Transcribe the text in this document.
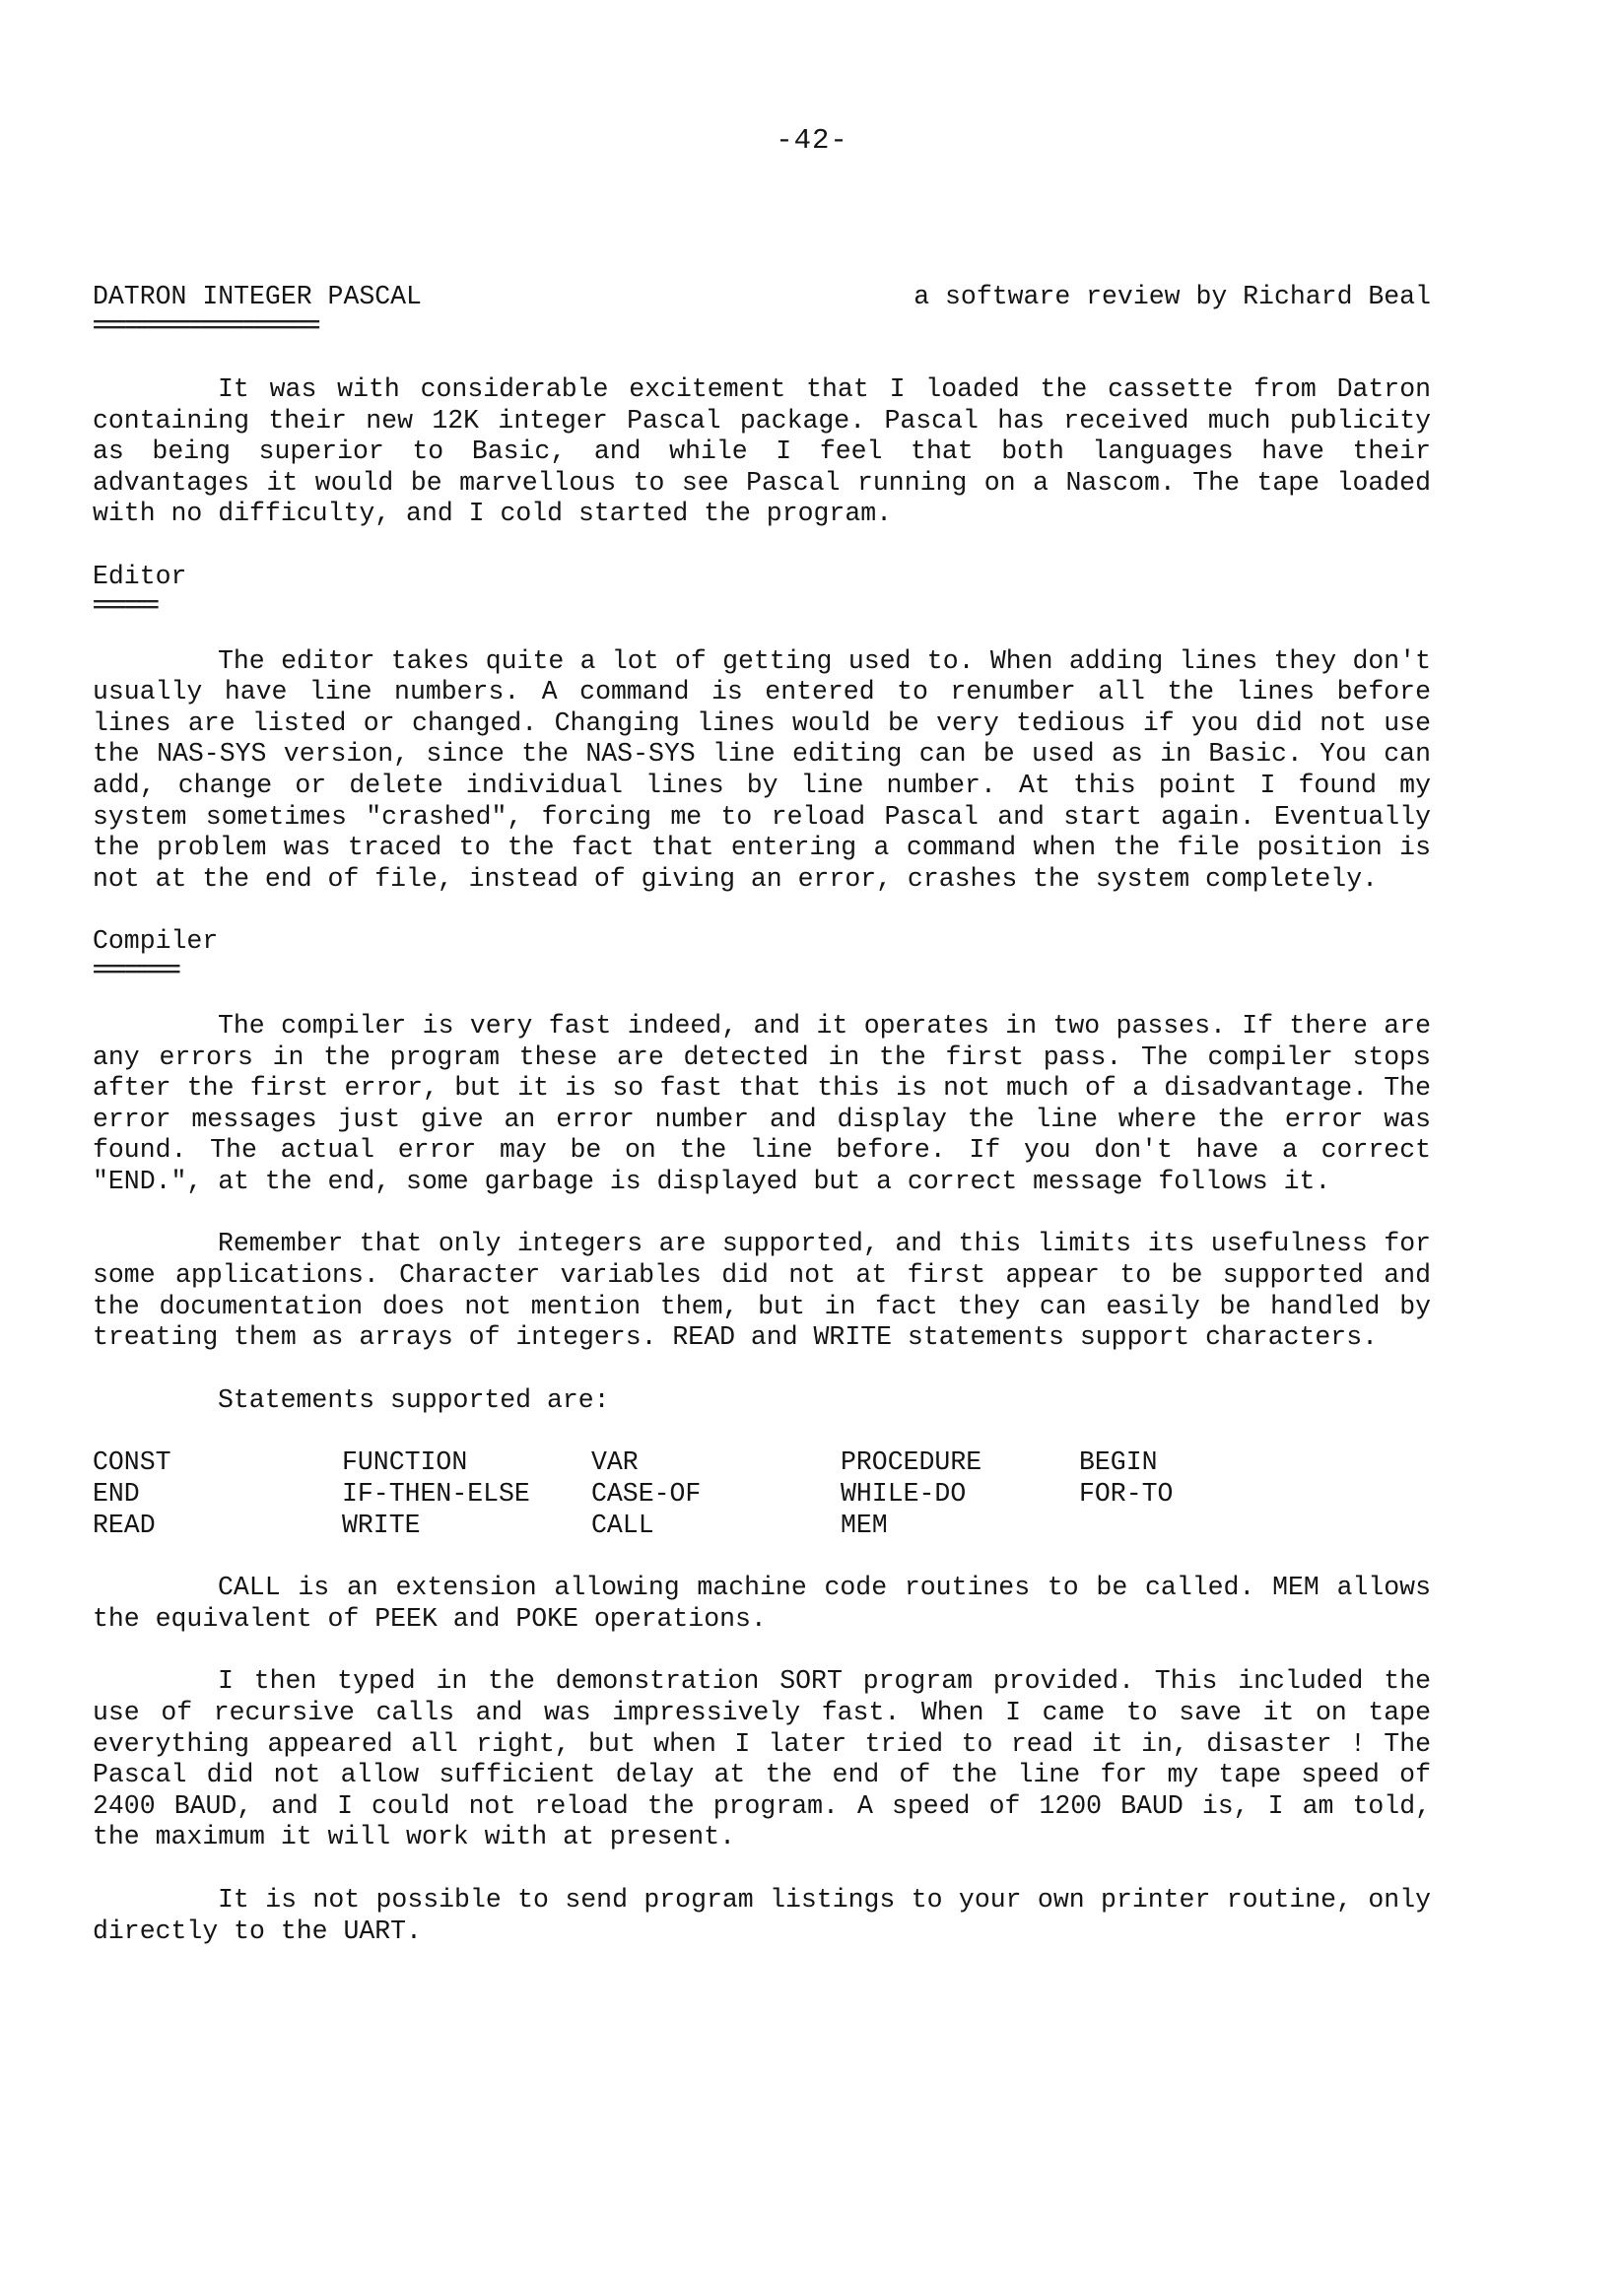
-42-
DATRON INTEGER PASCAL	a software review by Richard Beal
=====================

It was with considerable excitement that I loaded the cassette from Datron containing their new 12K integer Pascal package. Pascal has received much publicity as being superior to Basic, and while I feel that both languages have their advantages it would be marvellous to see Pascal running on a Nascom. The tape loaded with no difficulty, and I cold started the program.

Editor
======

The editor takes quite a lot of getting used to. When adding lines they don't usually have line numbers. A command is entered to renumber all the lines before lines are listed or changed. Changing lines would be very tedious if you did not use the NAS-SYS version, since the NAS-SYS line editing can be used as in Basic. You can add, change or delete individual lines by line number. At this point I found my system sometimes "crashed", forcing me to reload Pascal and start again. Eventually the problem was traced to the fact that entering a command when the file position is not at the end of file, instead of giving an error, crashes the system completely.

Compiler
========

The compiler is very fast indeed, and it operates in two passes. If there are any errors in the program these are detected in the first pass. The compiler stops after the first error, but it is so fast that this is not much of a disadvantage. The error messages just give an error number and display the line where the error was found. The actual error may be on the line before. If you don't have a correct "END.", at the end, some garbage is displayed but a correct message follows it.

Remember that only integers are supported, and this limits its usefulness for some applications. Character variables did not at first appear to be supported and the documentation does not mention them, but in fact they can easily be handled by treating them as arrays of integers. READ and WRITE statements support characters.

Statements supported are:

CONST	FUNCTION	VAR	PROCEDURE	BEGIN
END	IF-THEN-ELSE	CASE-OF	WHILE-DO	FOR-TO
READ	WRITE	CALL	MEM	

CALL is an extension allowing machine code routines to be called. MEM allows the equivalent of PEEK and POKE operations.

I then typed in the demonstration SORT program provided. This included the use of recursive calls and was impressively fast. When I came to save it on tape everything appeared all right, but when I later tried to read it in, disaster ! The Pascal did not allow sufficient delay at the end of the line for my tape speed of 2400 BAUD, and I could not reload the program. A speed of 1200 BAUD is, I am told, the maximum it will work with at present.

It is not possible to send program listings to your own printer routine, only directly to the UART.
